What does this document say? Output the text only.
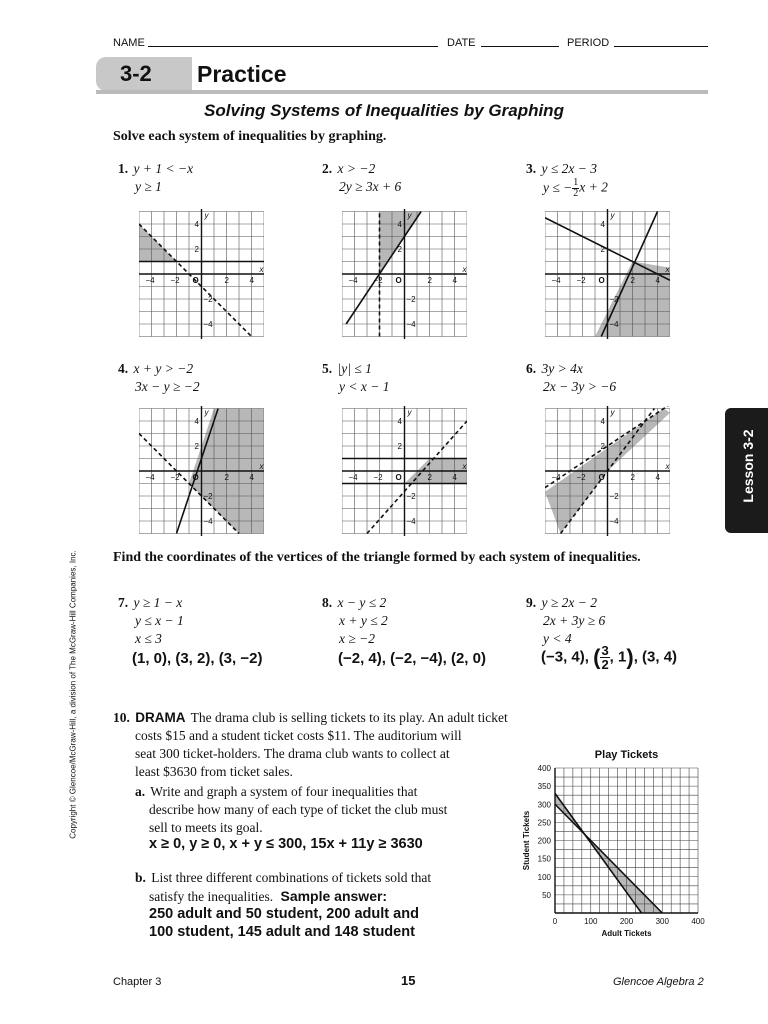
NAME	DATE	PERIOD
3-2 Practice
Solving Systems of Inequalities by Graphing
Solve each system of inequalities by graphing.
1. y + 1 < −x
y ≥ 1
2. x > −2
2y ≥ 3x + 6
3. y ≤ 2x − 3
y ≤ − $\frac{1}{2}x + 2$
4. x + y > −2
3x − y ≥ −2
5. |y| ≤ 1
y < x − 1
6. 3y > 4x
2x − 3y > −6
x
y
O
4
2
−2
−4
−4 −2	2	4
x
y
O
4
2
−2
−4
−4 −2	2	4
x
y
O
4
2
−2
−4
−4 −2	2	4
x
y
O
4
2
−2
−4
−4 −2	2	4
x
y
O
4
2
−2
−4
−4 −2	2	4
x
y
O
4
2
−2
−4
−4 −2	2	4	Lesson 3-2
Copyright © Glencoe/McGraw-Hill, a division of The McGraw-Hill Companies, Inc.	Find the coordinates of the vertices of the triangle formed by each system of inequalities.
7. y ≥ 1 − x
y ≤ x − 1
x ≤ 3
(1, 0), (3, 2), (3, −2)
8. x − y ≤ 2
x + y ≤ 2
x ≥ −2
(−2, 4), (−2, −4), (2, 0)
9. y ≥ 2x − 2
2x + 3y ≥ 6
y < 4
(−3, 4), ( $\frac{3}{2}$, 1), (3, 4)
10. DRAMA The drama club is selling tickets to its play. An adult ticket
costs $15 and a student ticket costs $11. The auditorium will
seat 300 ticket-holders. The drama club wants to collect at
least $3630 from ticket sales.
a. Write and graph a system of four inequalities that
describe how many of each type of ticket the club must
sell to meets its goal.
x ≥ 0, y ≥ 0, x + y ≤ 300, 15x + 11y ≥ 3630
b. List three different combinations of tickets sold that
satisfy the inequalities. Sample answer:
250 adult and 50 student, 200 adult and
100 student, 145 adult and 148 student
Play Tickets
0	100	200	300	400
50
100
150
200
250
300
350
400
Adult Tickets
Student Tickets
Chapter 3	15	Glencoe Algebra 2
